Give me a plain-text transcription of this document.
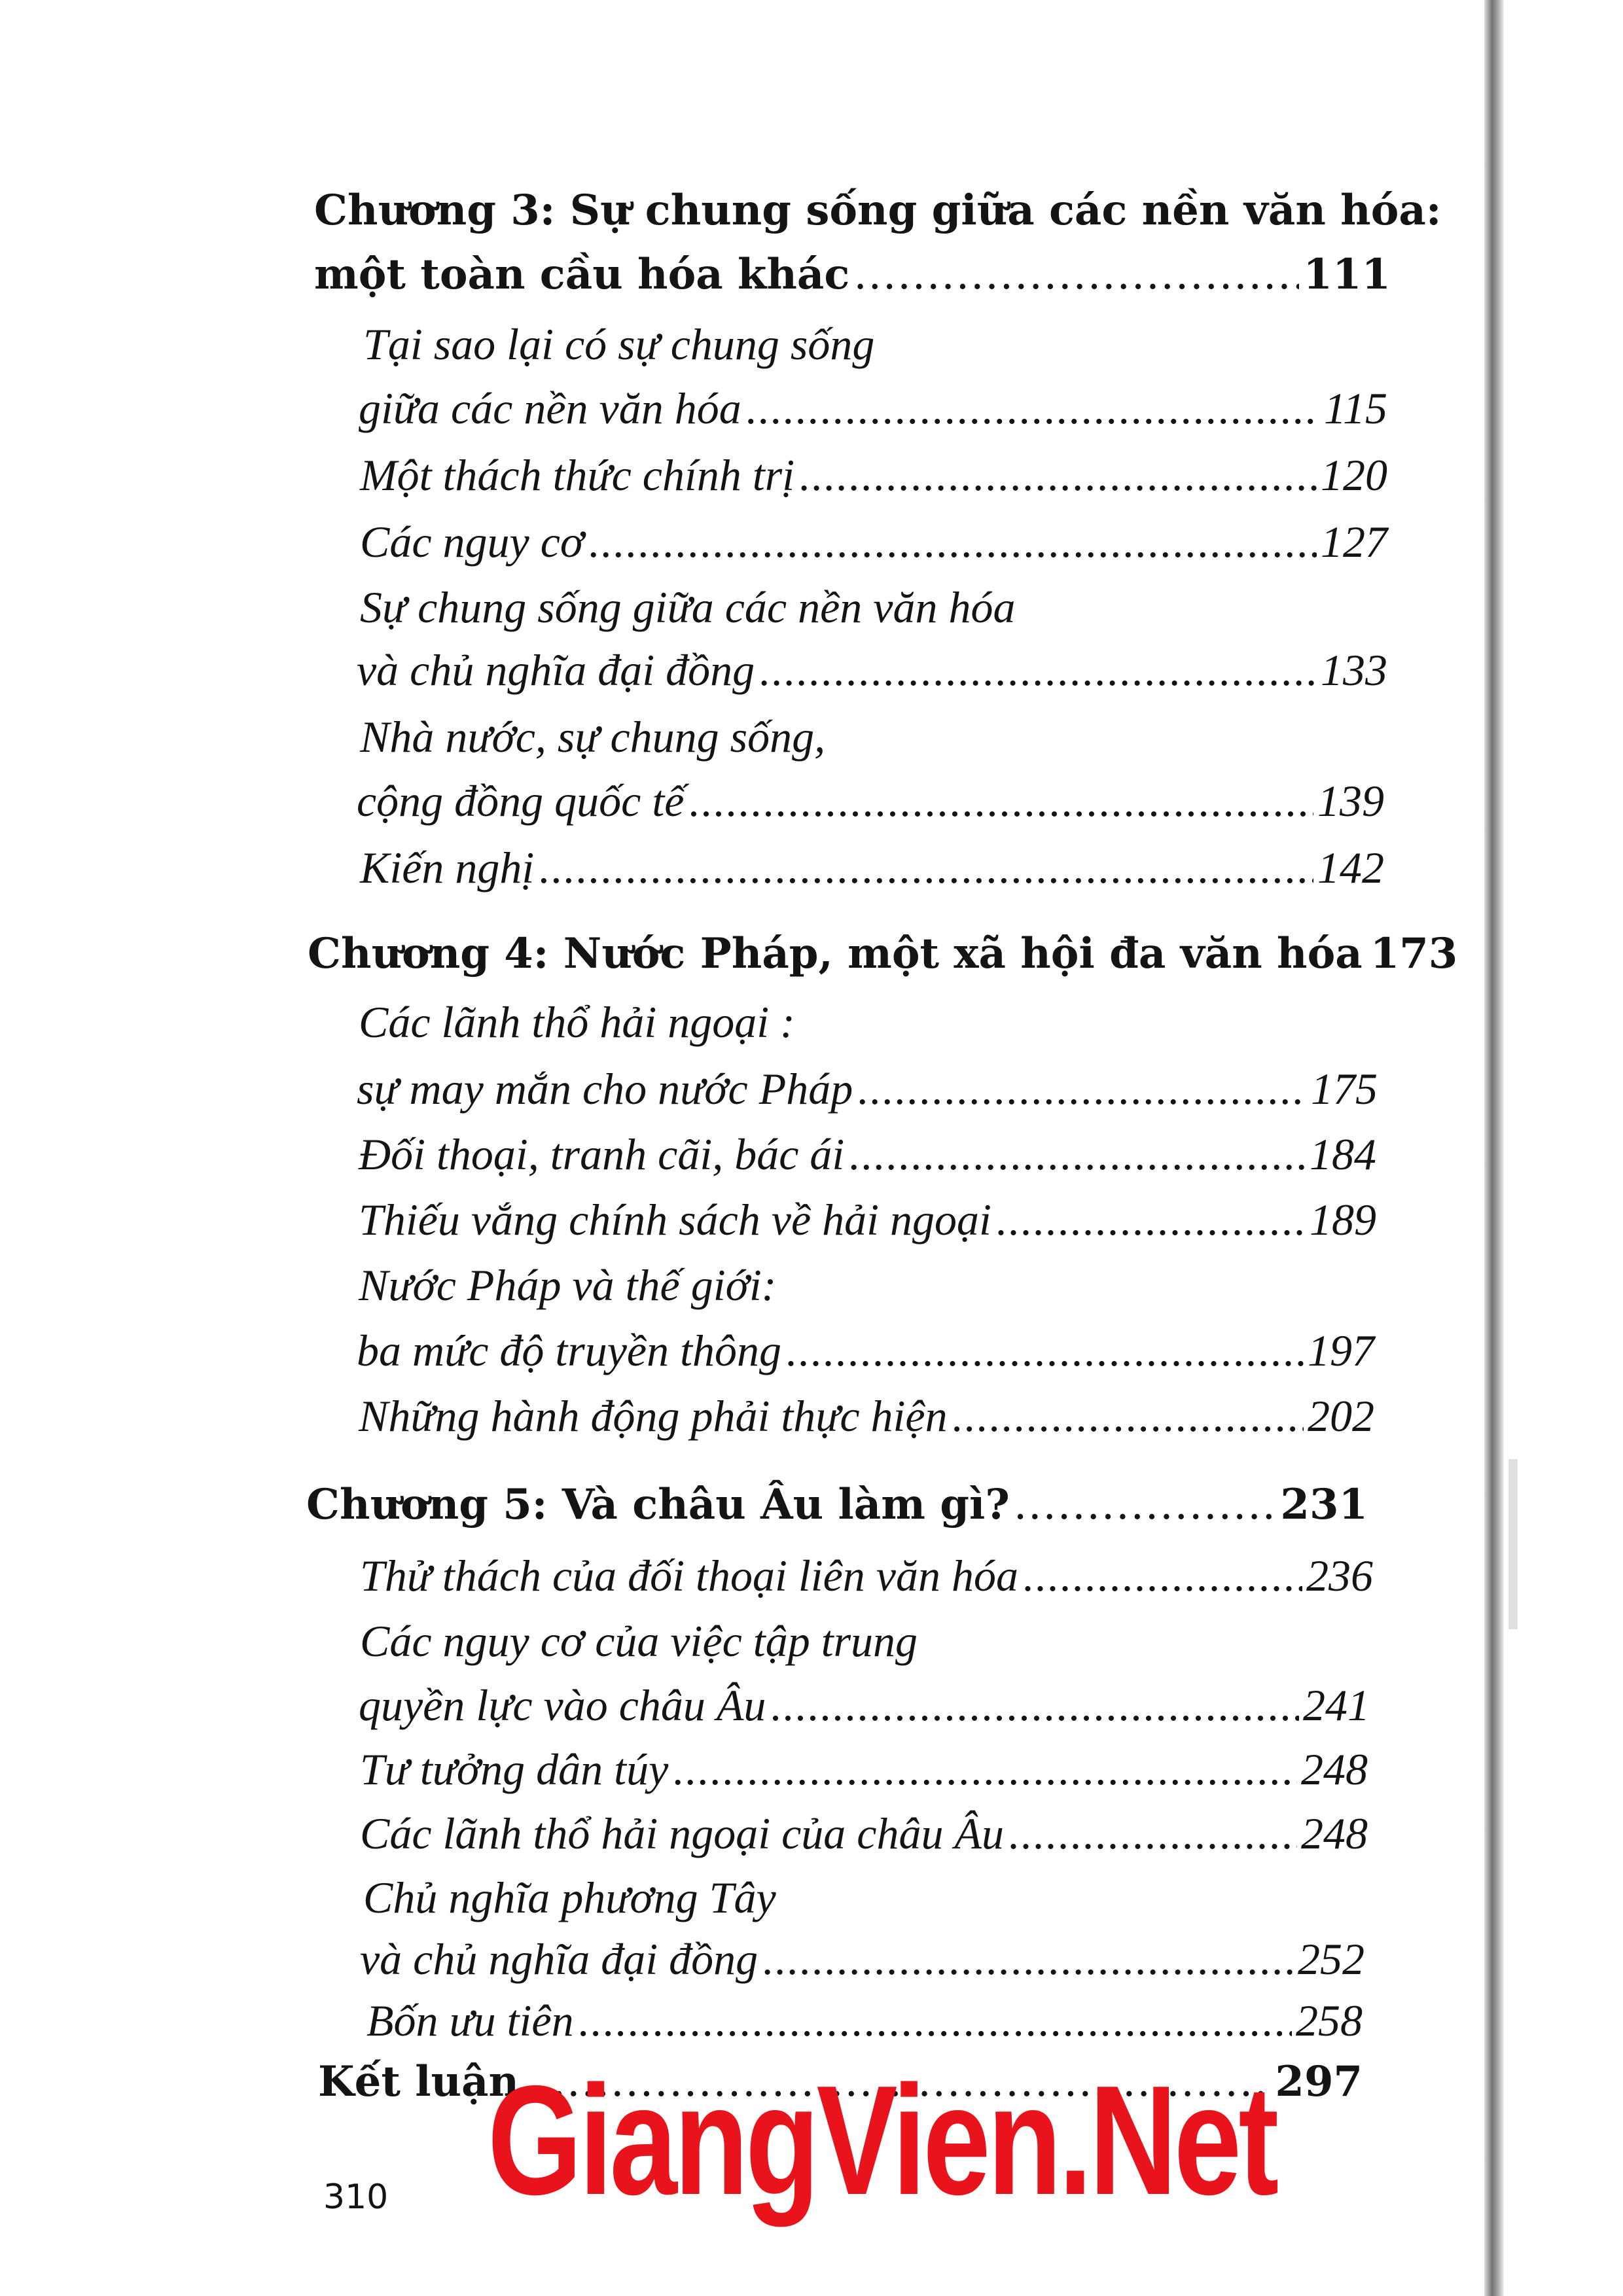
Chương 3: Sự chung sống giữa các nền văn hóa:
một toàn cầu hóa khác .....	111
Tại sao lại có sự chung sống
giữa các nền văn hóa .....	115
Một thách thức chính trị .....	120
Các nguy cơ .....	127
Sự chung sống giữa các nền văn hóa
và chủ nghĩa đại đồng .....	133
Nhà nước, sự chung sống,
cộng đồng quốc tế .....	139
Kiến nghị .....	142
Chương 4: Nước Pháp, một xã hội đa văn hóa 173
Các lãnh thổ hải ngoại :
sự may mắn cho nước Pháp .....	175
Đối thoại, tranh cãi, bác ái .....	184
Thiếu vắng chính sách về hải ngoại .....	189
Nước Pháp và thế giới:
ba mức độ truyền thông .....	197
Những hành động phải thực hiện .....	202
Chương 5: Và châu Âu làm gì? .....	231
Thử thách của đối thoại liên văn hóa .....	236
Các nguy cơ của việc tập trung
quyền lực vào châu Âu .....	241
Tư tưởng dân túy .....	248
Các lãnh thổ hải ngoại của châu Âu .....	248
Chủ nghĩa phương Tây
và chủ nghĩa đại đồng .....	252
Bốn ưu tiên .....	258
Kết luận .....	297
310 GiangVien.Net
